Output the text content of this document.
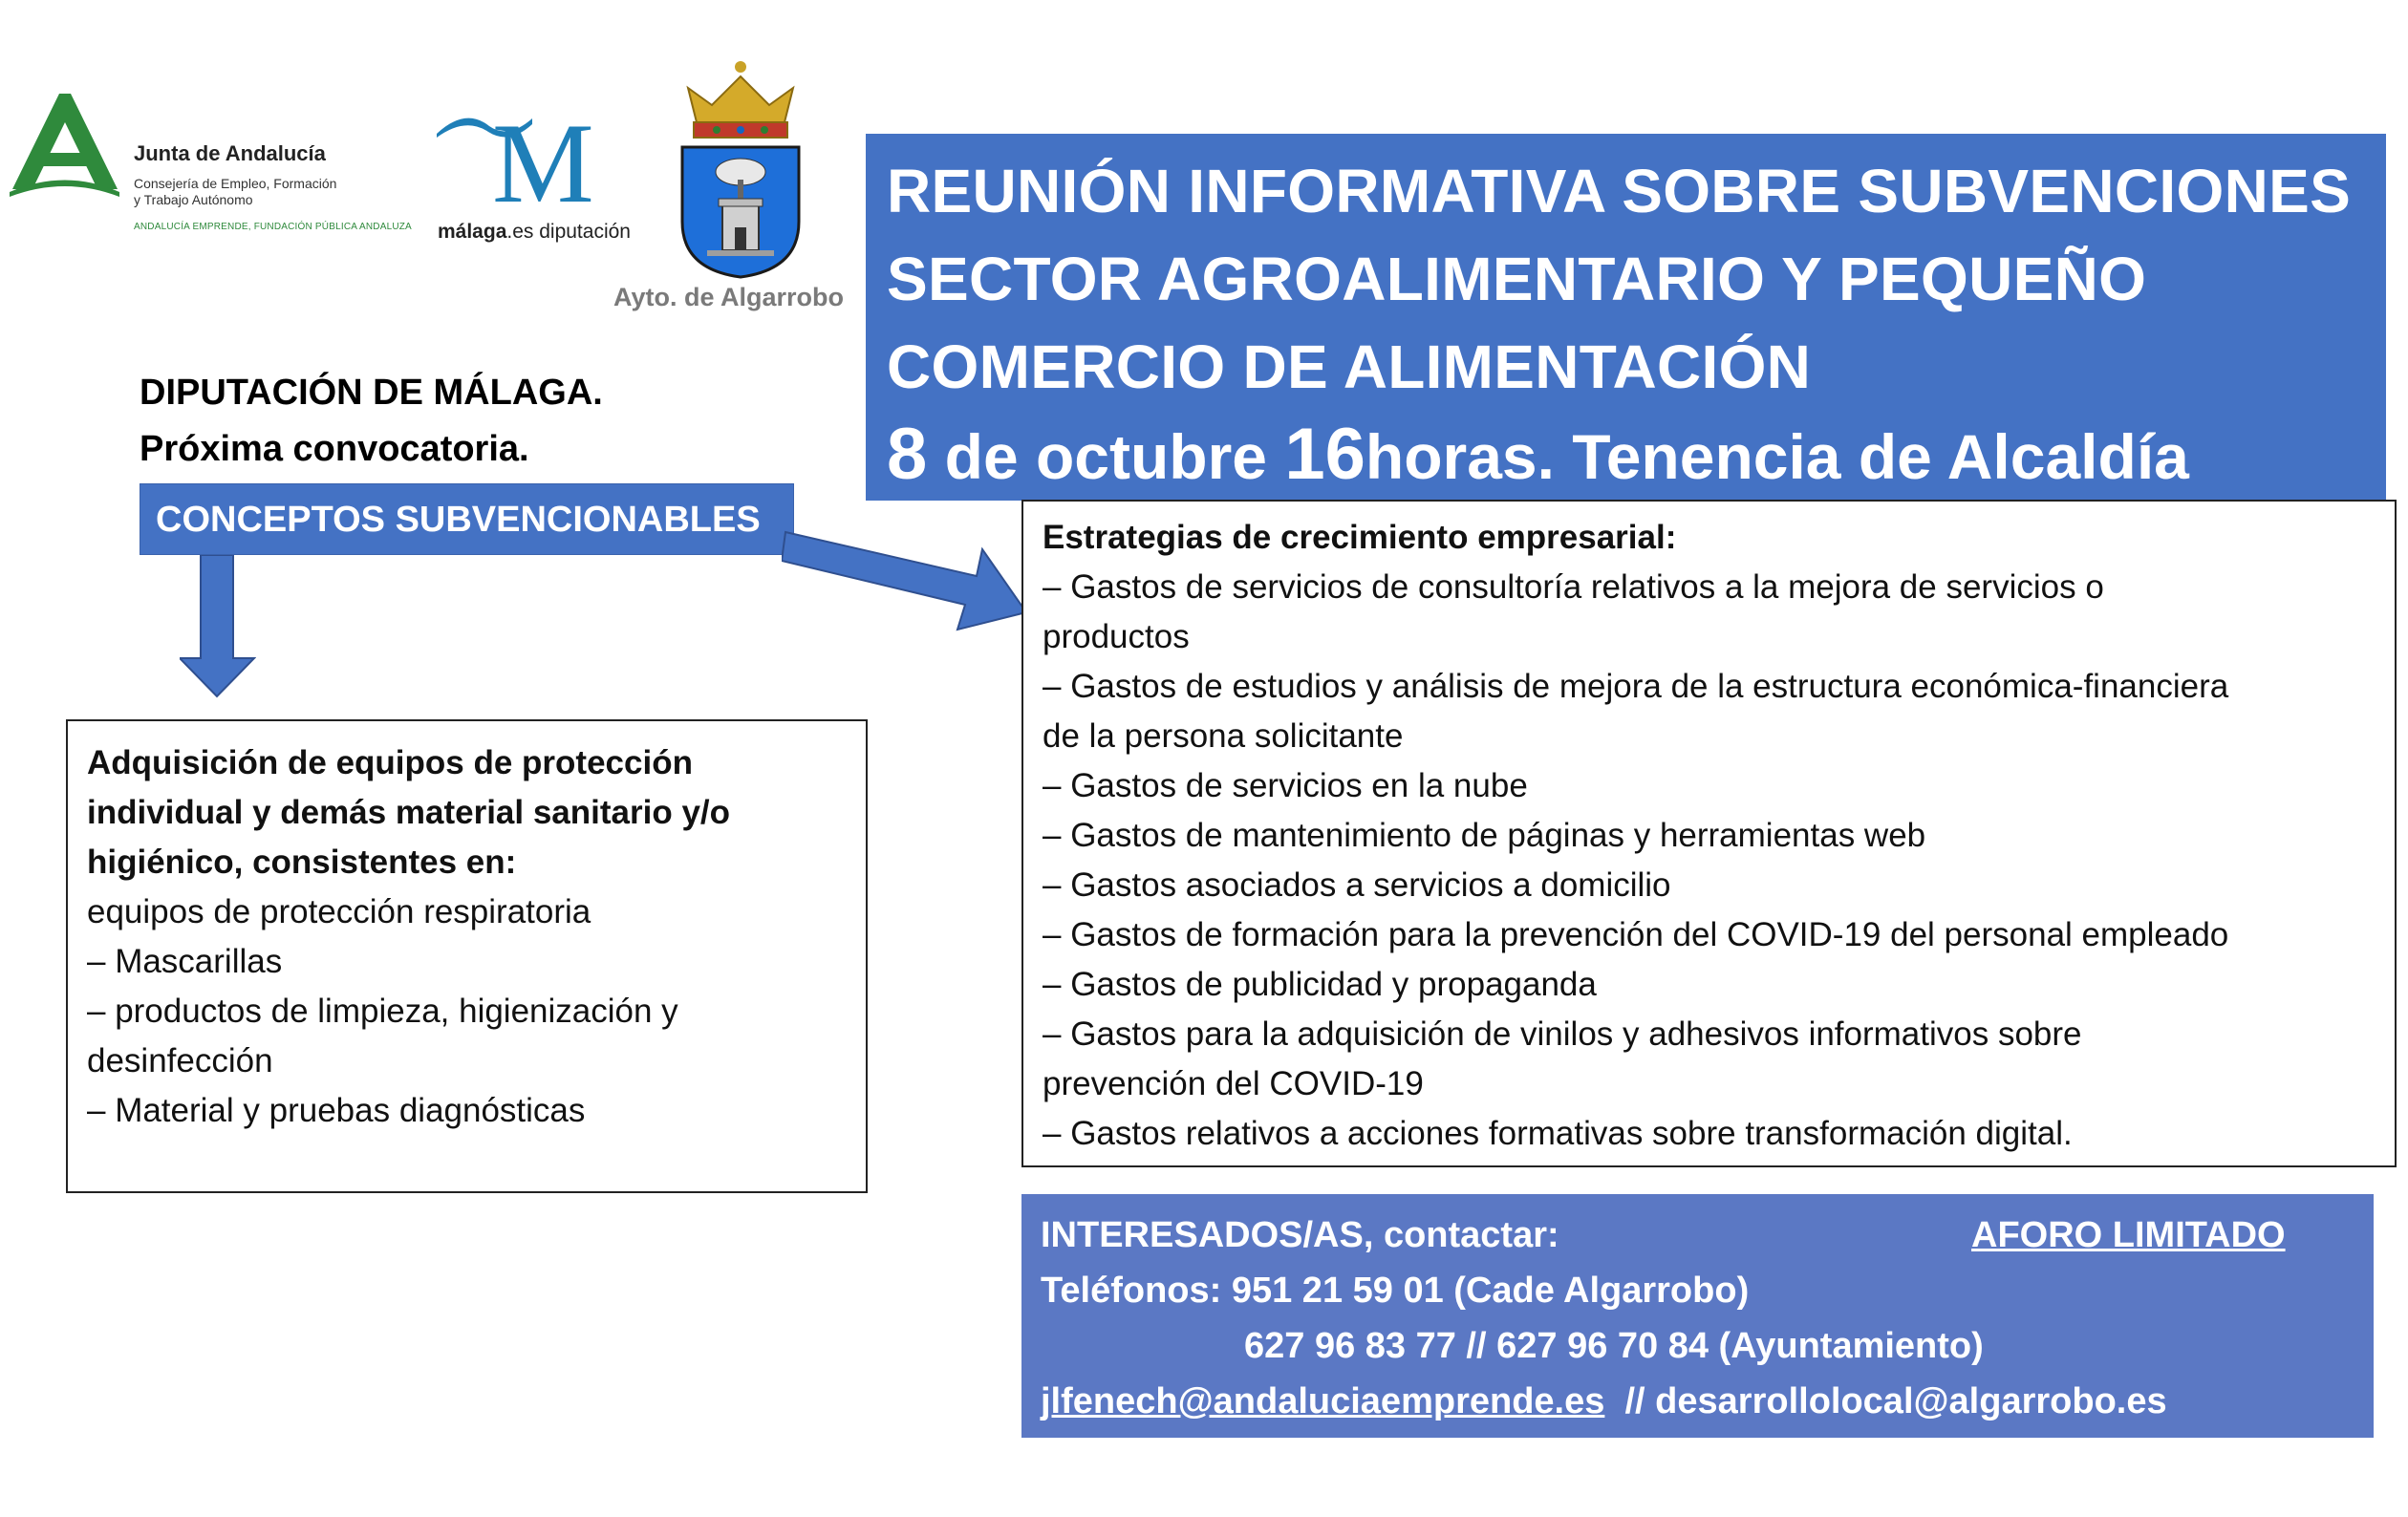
Junta de Andalucía
Consejería de Empleo, Formación
y Trabajo Autónomo
ANDALUCÍA EMPRENDE, FUNDACIÓN PÚBLICA ANDALUZA
M
málaga.es diputación
Ayto. de Algarrobo
REUNIÓN INFORMATIVA SOBRE SUBVENCIONES
SECTOR AGROALIMENTARIO Y PEQUEÑO
COMERCIO DE ALIMENTACIÓN
8 de octubre 16horas. Tenencia de Alcaldía
DIPUTACIÓN DE MÁLAGA.
Próxima convocatoria.
CONCEPTOS SUBVENCIONABLES
Adquisición de equipos de protección
individual y demás material sanitario y/o
higiénico, consistentes en:
equipos de protección respiratoria
– Mascarillas
– productos de limpieza, higienización y
desinfección
– Material y pruebas diagnósticas
Estrategias de crecimiento empresarial:
– Gastos de servicios de consultoría relativos a la mejora de servicios o
productos
– Gastos de estudios y análisis de mejora de la estructura económica-financiera
de la persona solicitante
– Gastos de servicios en la nube
– Gastos de mantenimiento de páginas y herramientas web
– Gastos asociados a servicios a domicilio
– Gastos de formación para la prevención del COVID-19 del personal empleado
– Gastos de publicidad y propaganda
– Gastos para la adquisición de vinilos y adhesivos informativos sobre
prevención del COVID-19
– Gastos relativos a acciones formativas sobre transformación digital.
INTERESADOS/AS, contactar:	AFORO LIMITADO
Teléfonos: 951 21 59 01 (Cade Algarrobo)
627 96 83 77 // 627 96 70 84 (Ayuntamiento)
jlfenech@andaluciaemprende.es  // desarrollolocal@algarrobo.es
